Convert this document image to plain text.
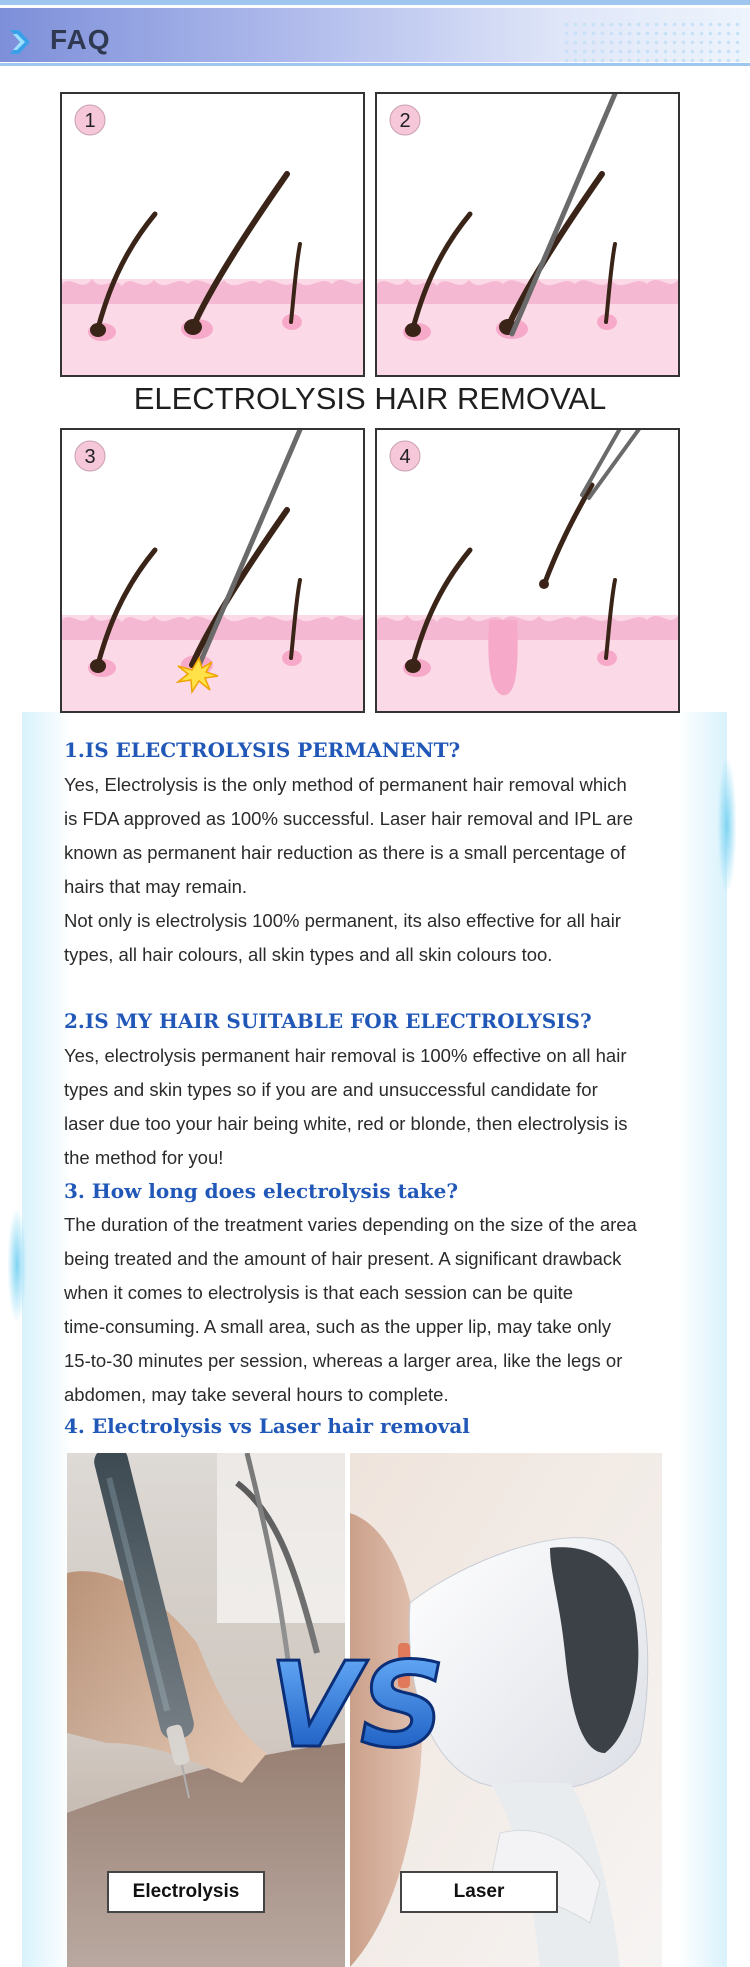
FAQ
1	2
ELECTROLYSIS HAIR REMOVAL
3	4
1.IS ELECTROLYSIS PERMANENT?
Yes, Electrolysis is the only method of permanent hair removal which
is FDA approved as 100% successful. Laser hair removal and IPL are
known as permanent hair reduction as there is a small percentage of
hairs that may remain.
Not only is electrolysis 100% permanent, its also effective for all hair
types, all hair colours, all skin types and all skin colours too.
2.IS MY HAIR SUITABLE FOR ELECTROLYSIS?
Yes, electrolysis permanent hair removal is 100% effective on all hair
types and skin types so if you are and unsuccessful candidate for
laser due too your hair being white, red or blonde, then electrolysis is
the method for you!
3. How long does electrolysis take?
The duration of the treatment varies depending on the size of the area
being treated and the amount of hair present. A significant drawback
when it comes to electrolysis is that each session can be quite
time-consuming. A small area, such as the upper lip, may take only
15-to-30 minutes per session, whereas a larger area, like the legs or
abdomen, may take several hours to complete.
4. Electrolysis vs Laser hair removal
VS
Electrolysis	Laser
